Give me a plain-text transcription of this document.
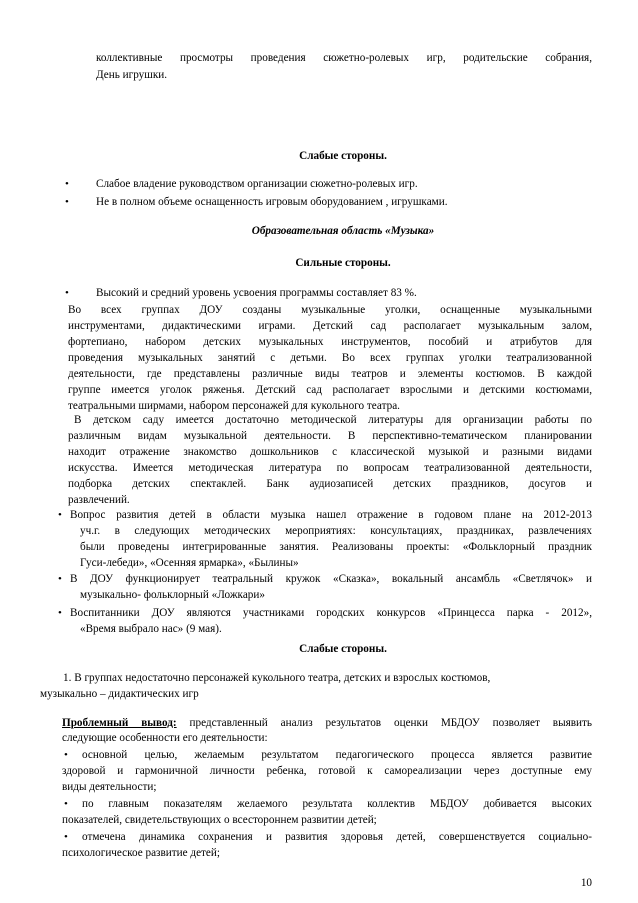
коллективные просмотры проведения сюжетно-ролевых игр, родительские собрания,
День игрушки.
Слабые стороны.
• Слабое владение руководством организации сюжетно-ролевых игр.
• Не в полном объеме оснащенность игровым оборудованием , игрушками.
Образовательная область «Музыка»
Сильные стороны.
• Высокий и средний уровень усвоения программы составляет 83 %.
Во всех группах ДОУ созданы музыкальные уголки, оснащенные музыкальными
инструментами, дидактическими играми. Детский сад располагает музыкальным залом,
фортепиано, набором детских музыкальных инструментов, пособий и атрибутов для
проведения музыкальных занятий с детьми. Во всех группах уголки театрализованной
деятельности, где представлены различные виды театров и элементы костюмов. В каждой
группе имеется уголок ряженья. Детский сад располагает взрослыми и детскими костюмами,
театральными ширмами, набором персонажей для кукольного театра.
В детском саду имеется достаточно методической литературы для организации работы по
различным видам музыкальной деятельности. В перспективно-тематическом планировании
находит отражение знакомство дошкольников с классической музыкой и разными видами
искусства. Имеется методическая литература по вопросам театрализованной деятельности,
подборка детских спектаклей. Банк аудиозаписей детских праздников, досугов и
развлечений.
• Вопрос развития детей в области музыка нашел отражение в годовом плане на 2012-2013
уч.г. в следующих методических мероприятиях: консультациях, праздниках, развлечениях
были проведены интегрированные занятия. Реализованы проекты: «Фольклорный праздник
Гуси-лебеди», «Осенняя ярмарка», «Былины»
• В ДОУ функционирует театральный кружок «Сказка», вокальный ансамбль «Светлячок» и
музыкально- фольклорный «Ложкари»
• Воспитанники ДОУ являются участниками городских конкурсов «Принцесса парка - 2012»,
«Время выбрало нас» (9 мая).
Слабые стороны.
1. В группах недостаточно персонажей кукольного театра, детских и взрослых костюмов,
музыкально – дидактических игр
Проблемный вывод: представленный анализ результатов оценки МБДОУ позволяет выявить
следующие особенности его деятельности:
• основной целью, желаемым результатом педагогического процесса является развитие
здоровой и гармоничной личности ребенка, готовой к самореализации через доступные ему
виды деятельности;
• по главным показателям желаемого результата коллектив МБДОУ добивается высоких
показателей, свидетельствующих о всестороннем развитии детей;
• отмечена динамика сохранения и развития здоровья детей, совершенствуется социально-
психологическое развитие детей;
10
